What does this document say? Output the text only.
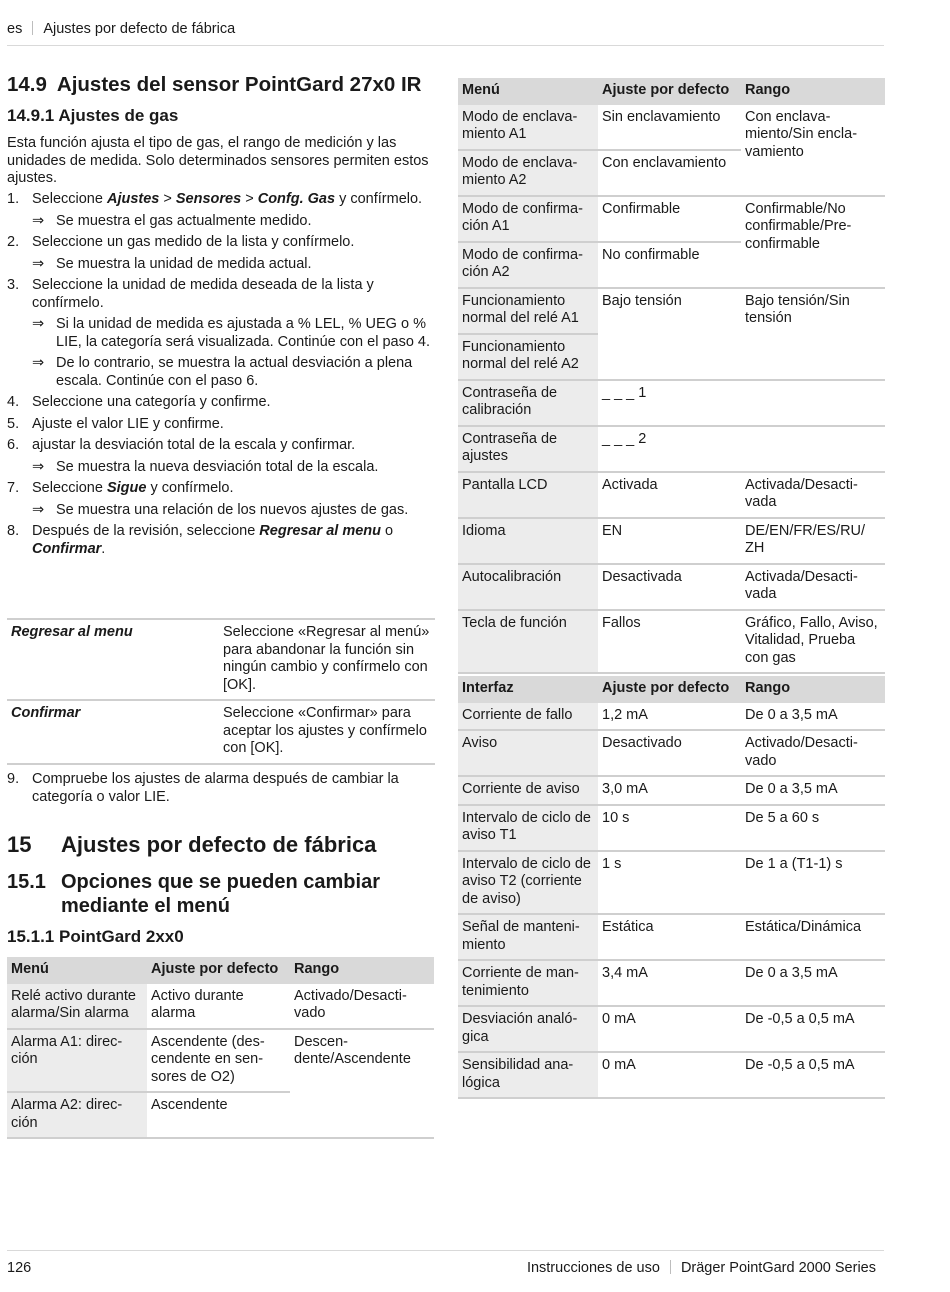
es Ajustes por defecto de fábrica
14.9 Ajustes del sensor PointGard 27x0 IR
14.9.1 Ajustes de gas
Esta función ajusta el tipo de gas, el rango de medición y las unidades de medida. Solo determinados sensores permiten estos ajustes.
1. Seleccione Ajustes > Sensores > Confg. Gas y confírmelo.
⇒ Se muestra el gas actualmente medido.
2. Seleccione un gas medido de la lista y confírmelo.
⇒ Se muestra la unidad de medida actual.
3. Seleccione la unidad de medida deseada de la lista y confírmelo.
⇒ Si la unidad de medida es ajustada a % LEL, % UEG o % LIE, la categoría será visualizada. Continúe con el paso 4.
⇒ De lo contrario, se muestra la actual desviación a plena escala. Continúe con el paso 6.
4. Seleccione una categoría y confirme.
5. Ajuste el valor LIE y confirme.
6. ajustar la desviación total de la escala y confirmar.
⇒ Se muestra la nueva desviación total de la escala.
7. Seleccione Sigue y confírmelo.
⇒ Se muestra una relación de los nuevos ajustes de gas.
8. Después de la revisión, seleccione Regresar al menu o Confirmar.
Regresar al menu	Seleccione «Regresar al menú» para abandonar la función sin ningún cambio y confírmelo con [OK].
Confirmar	Seleccione «Confirmar» para aceptar los ajustes y confírmelo con [OK].
9. Compruebe los ajustes de alarma después de cambiar la categoría o valor LIE.
15 Ajustes por defecto de fábrica
15.1 Opciones que se pueden cambiar mediante el menú
15.1.1 PointGard 2xx0
Menú	Ajuste por defecto	Rango
Relé activo durante alarma/Sin alarma	Activo durante alarma	Activado/Desactivado
Alarma A1: dirección	Ascendente (descendente en sensores de O2)	Descendente/Ascendente
Alarma A2: dirección	Ascendente	
Menú	Ajuste por defecto	Rango
Modo de enclavamiento A1	Sin enclavamiento	Con enclavamiento/Sin enclavamiento
Modo de enclavamiento A2	Con enclavamiento	
Modo de confirmación A1	Confirmable	Confirmable/No confirmable/Preconfirmable
Modo de confirmación A2	No confirmable	
Funcionamiento normal del relé A1	Bajo tensión	Bajo tensión/Sin tensión
Funcionamiento normal del relé A2		
Contraseña de calibración	_ _ _ 1	
Contraseña de ajustes	_ _ _ 2	
Pantalla LCD	Activada	Activada/Desactivada
Idioma	EN	DE/EN/FR/ES/RU/ ZH
Autocalibración	Desactivada	Activada/Desactivada
Tecla de función	Fallos	Gráfico, Fallo, Aviso, Vitalidad, Prueba con gas
Interfaz	Ajuste por defecto	Rango
Corriente de fallo	1,2 mA	De 0 a 3,5 mA
Aviso	Desactivado	Activado/Desactivado
Corriente de aviso	3,0 mA	De 0 a 3,5 mA
Intervalo de ciclo de aviso T1	10 s	De 5 a 60 s
Intervalo de ciclo de aviso T2 (corriente de aviso)	1 s	De 1 a (T1-1) s
Señal de mantenimiento	Estática	Estática/Dinámica
Corriente de mantenimiento	3,4 mA	De 0 a 3,5 mA
Desviación analógica	0 mA	De -0,5 a 0,5 mA
Sensibilidad analógica	0 mA	De -0,5 a 0,5 mA
126	Instrucciones de uso Dräger PointGard 2000 Series
